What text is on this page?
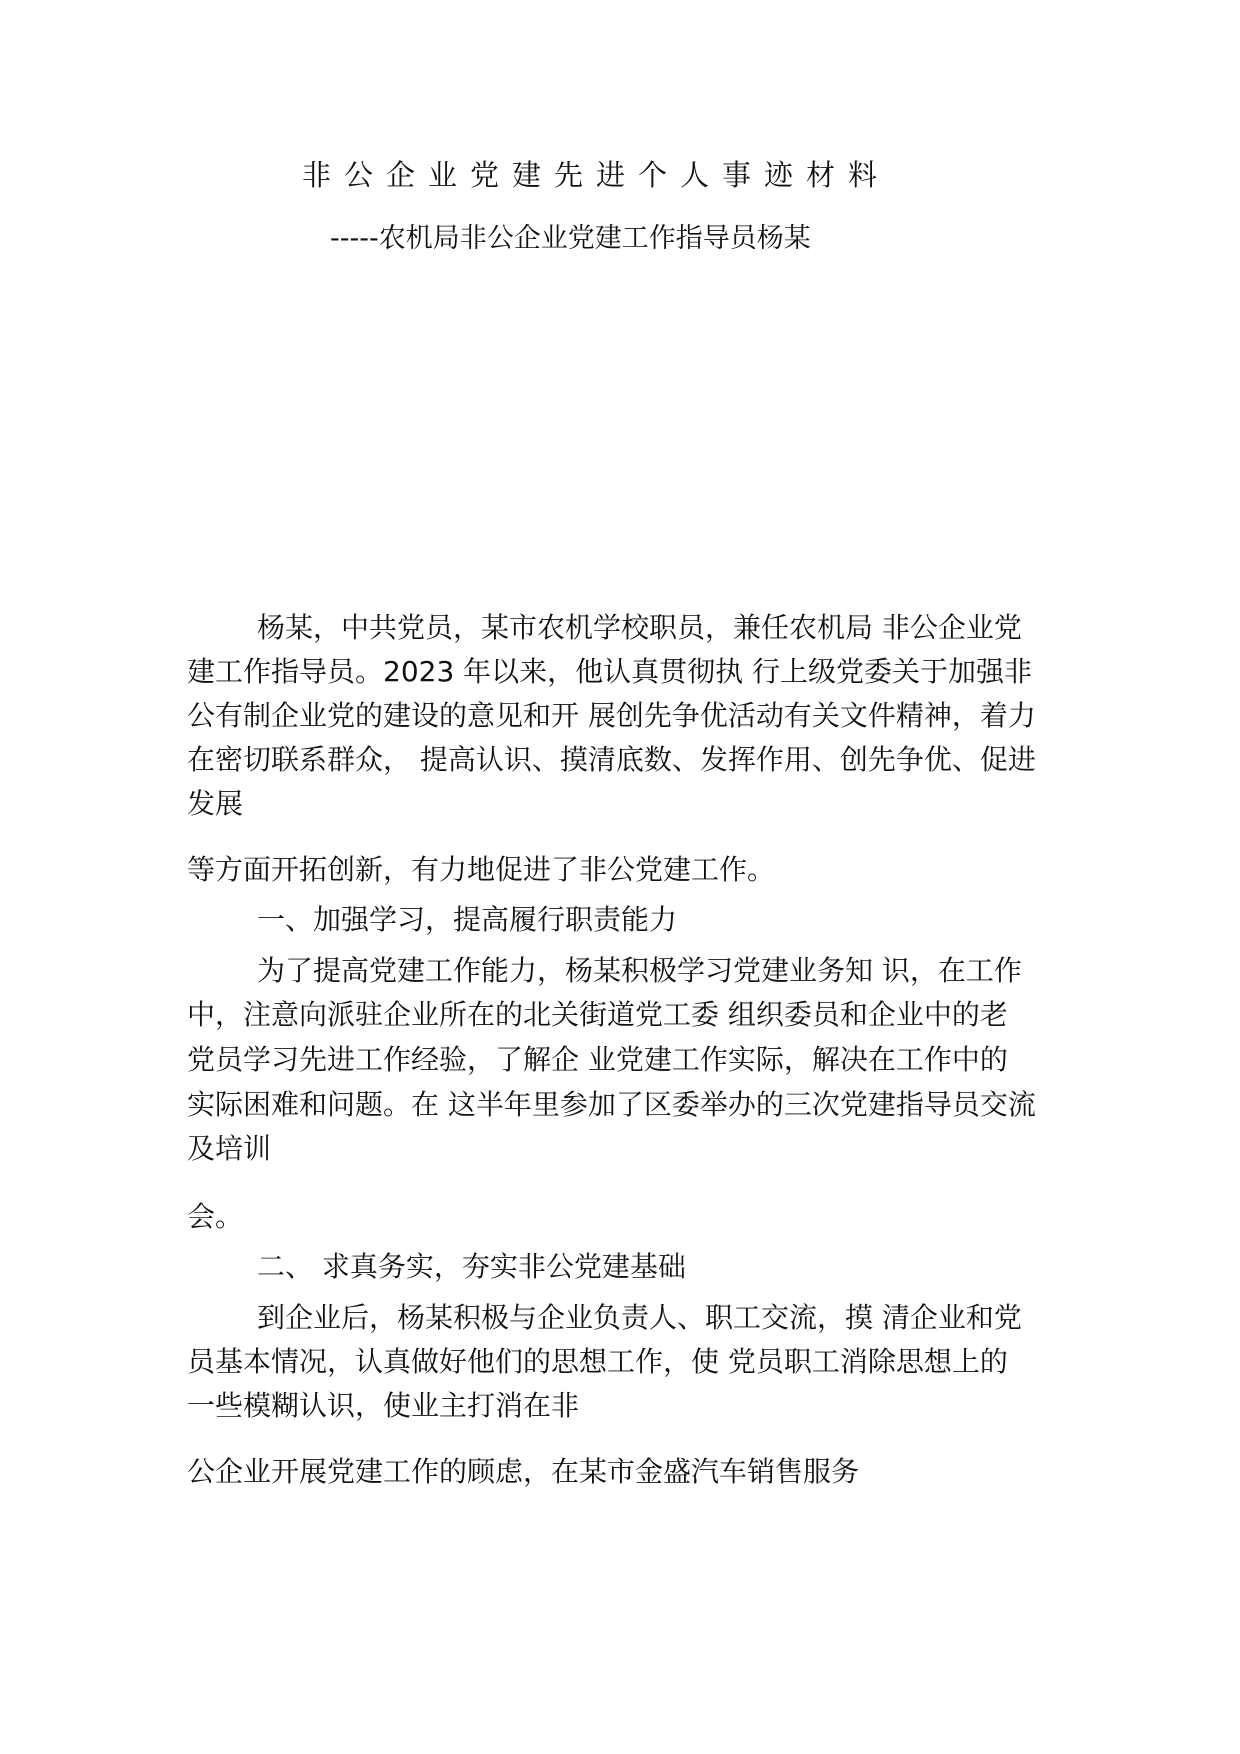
非公企业党建先进个人事迹材料
-----农机局非公企业党建工作指导员杨某
杨某，中共党员，某市农机学校职员，兼任农机局 非公企业党
建工作指导员。2023 年以来，他认真贯彻执 行上级党委关于加强非
公有制企业党的建设的意见和开 展创先争优活动有关文件精神，着力
在密切联系群众， 提高认识、摸清底数、发挥作用、创先争优、促进
发展
等方面开拓创新，有力地促进了非公党建工作。
一、加强学习，提高履行职责能力
为了提高党建工作能力，杨某积极学习党建业务知 识，在工作
中，注意向派驻企业所在的北关街道党工委 组织委员和企业中的老
党员学习先进工作经验，了解企 业党建工作实际，解决在工作中的
实际困难和问题。在 这半年里参加了区委举办的三次党建指导员交流
及培训
会。
二、 求真务实，夯实非公党建基础
到企业后，杨某积极与企业负责人、职工交流，摸 清企业和党
员基本情况，认真做好他们的思想工作，使 党员职工消除思想上的
一些模糊认识，使业主打消在非
公企业开展党建工作的顾虑，在某市金盛汽车销售服务
